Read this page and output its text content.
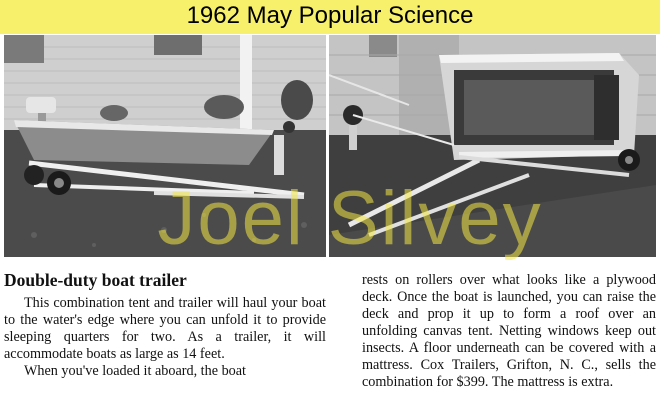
1962 May Popular Science
Joel Silvey
Double-duty boat trailer

This combination tent and trailer will haul your boat to the water's edge where you can unfold it to provide sleeping quarters for two. As a trailer, it will accommodate boats as large as 14 feet.

When you've loaded it aboard, the boat

rests on rollers over what looks like a plywood deck. Once the boat is launched, you can raise the deck and prop it up to form a roof over an unfolding canvas tent. Netting windows keep out insects. A floor underneath can be covered with a mattress. Cox Trailers, Grifton, N. C., sells the combination for $399. The mattress is extra.
